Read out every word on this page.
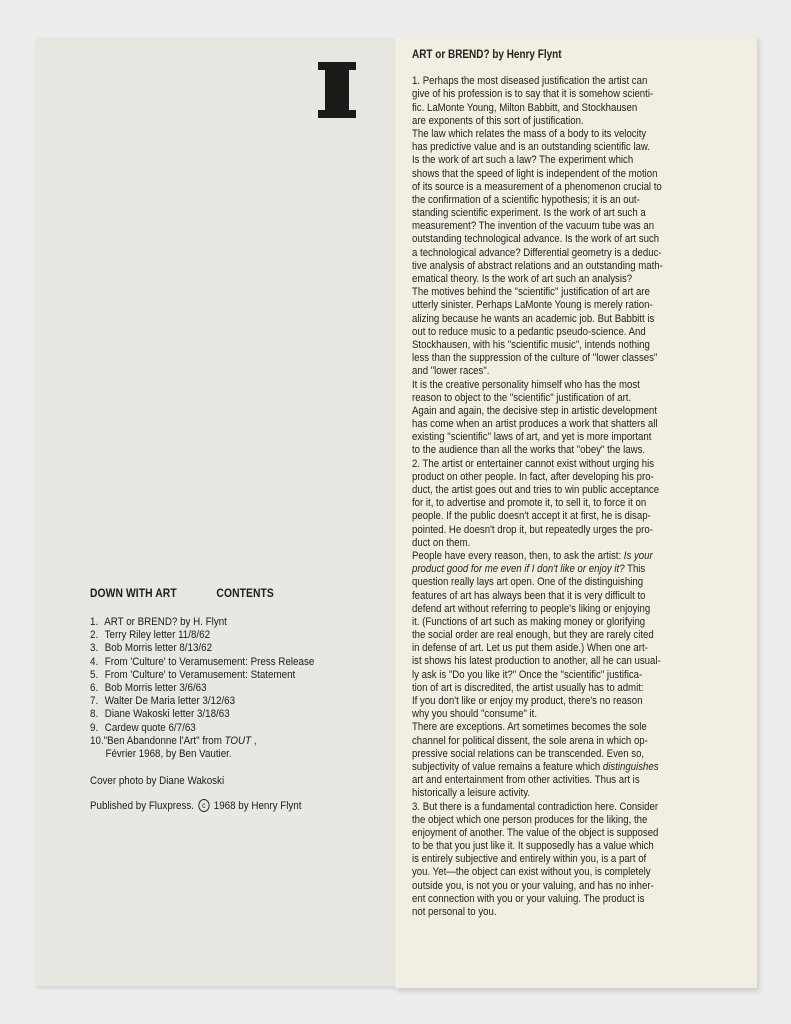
DOWN WITH ART	CONTENTS
1. ART or BREND? by H. Flynt
2. Terry Riley letter 11/8/62
3. Bob Morris letter 8/13/62
4. From 'Culture' to Veramusement: Press Release
5. From 'Culture' to Veramusement: Statement
6. Bob Morris letter 3/6/63
7. Walter De Maria letter 3/12/63
8. Diane Wakoski letter 3/18/63
9. Cardew quote 6/7/63
10."Ben Abandonne l'Art" from TOUT ,
Février 1968, by Ben Vautier.
Cover photo by Diane Wakoski
Published by Fluxpress.	c 1968 by Henry Flynt
ART or BREND? by Henry Flynt
1. Perhaps the most diseased justification the artist can
give of his profession is to say that it is somehow scienti-
fic. LaMonte Young, Milton Babbitt, and Stockhausen
are exponents of this sort of justification.
The law which relates the mass of a body to its velocity
has predictive value and is an outstanding scientific law.
Is the work of art such a law? The experiment which
shows that the speed of light is independent of the motion
of its source is a measurement of a phenomenon crucial to
the confirmation of a scientific hypothesis; it is an out-
standing scientific experiment. Is the work of art such a
measurement? The invention of the vacuum tube was an
outstanding technological advance. Is the work of art such
a technological advance? Differential geometry is a deduc-
tive analysis of abstract relations and an outstanding math-
ematical theory. Is the work of art such an analysis?
The motives behind the "scientific" justification of art are
utterly sinister. Perhaps LaMonte Young is merely ration-
alizing because he wants an academic job. But Babbitt is
out to reduce music to a pedantic pseudo-science. And
Stockhausen, with his "scientific music", intends nothing
less than the suppression of the culture of "lower classes"
and "lower races".
It is the creative personality himself who has the most
reason to object to the "scientific" justification of art.
Again and again, the decisive step in artistic development
has come when an artist produces a work that shatters all
existing "scientific" laws of art, and yet is more important
to the audience than all the works that "obey" the laws.
2. The artist or entertainer cannot exist without urging his
product on other people. In fact, after developing his pro-
duct, the artist goes out and tries to win public acceptance
for it, to advertise and promote it, to sell it, to force it on
people. If the public doesn't accept it at first, he is disap-
pointed. He doesn't drop it, but repeatedly urges the pro-
duct on them.
People have every reason, then, to ask the artist: Is your
product good for me even if I don't like or enjoy it? This
question really lays art open. One of the distinguishing
features of art has always been that it is very difficult to
defend art without referring to people's liking or enjoying
it. (Functions of art such as making money or glorifying
the social order are real enough, but they are rarely cited
in defense of art. Let us put them aside.) When one art-
ist shows his latest production to another, all he can usual-
ly ask is "Do you like it?" Once the "scientific" justifica-
tion of art is discredited, the artist usually has to admit:
If you don't like or enjoy my product, there's no reason
why you should "consume" it.
There are exceptions. Art sometimes becomes the sole
channel for political dissent, the sole arena in which op-
pressive social relations can be transcended. Even so,
subjectivity of value remains a feature which distinguishes
art and entertainment from other activities. Thus art is
historically a leisure activity.
3. But there is a fundamental contradiction here. Consider
the object which one person produces for the liking, the
enjoyment of another. The value of the object is supposed
to be that you just like it. It supposedly has a value which
is entirely subjective and entirely within you, is a part of
you. Yet—the object can exist without you, is completely
outside you, is not you or your valuing, and has no inher-
ent connection with you or your valuing. The product is
not personal to you.
